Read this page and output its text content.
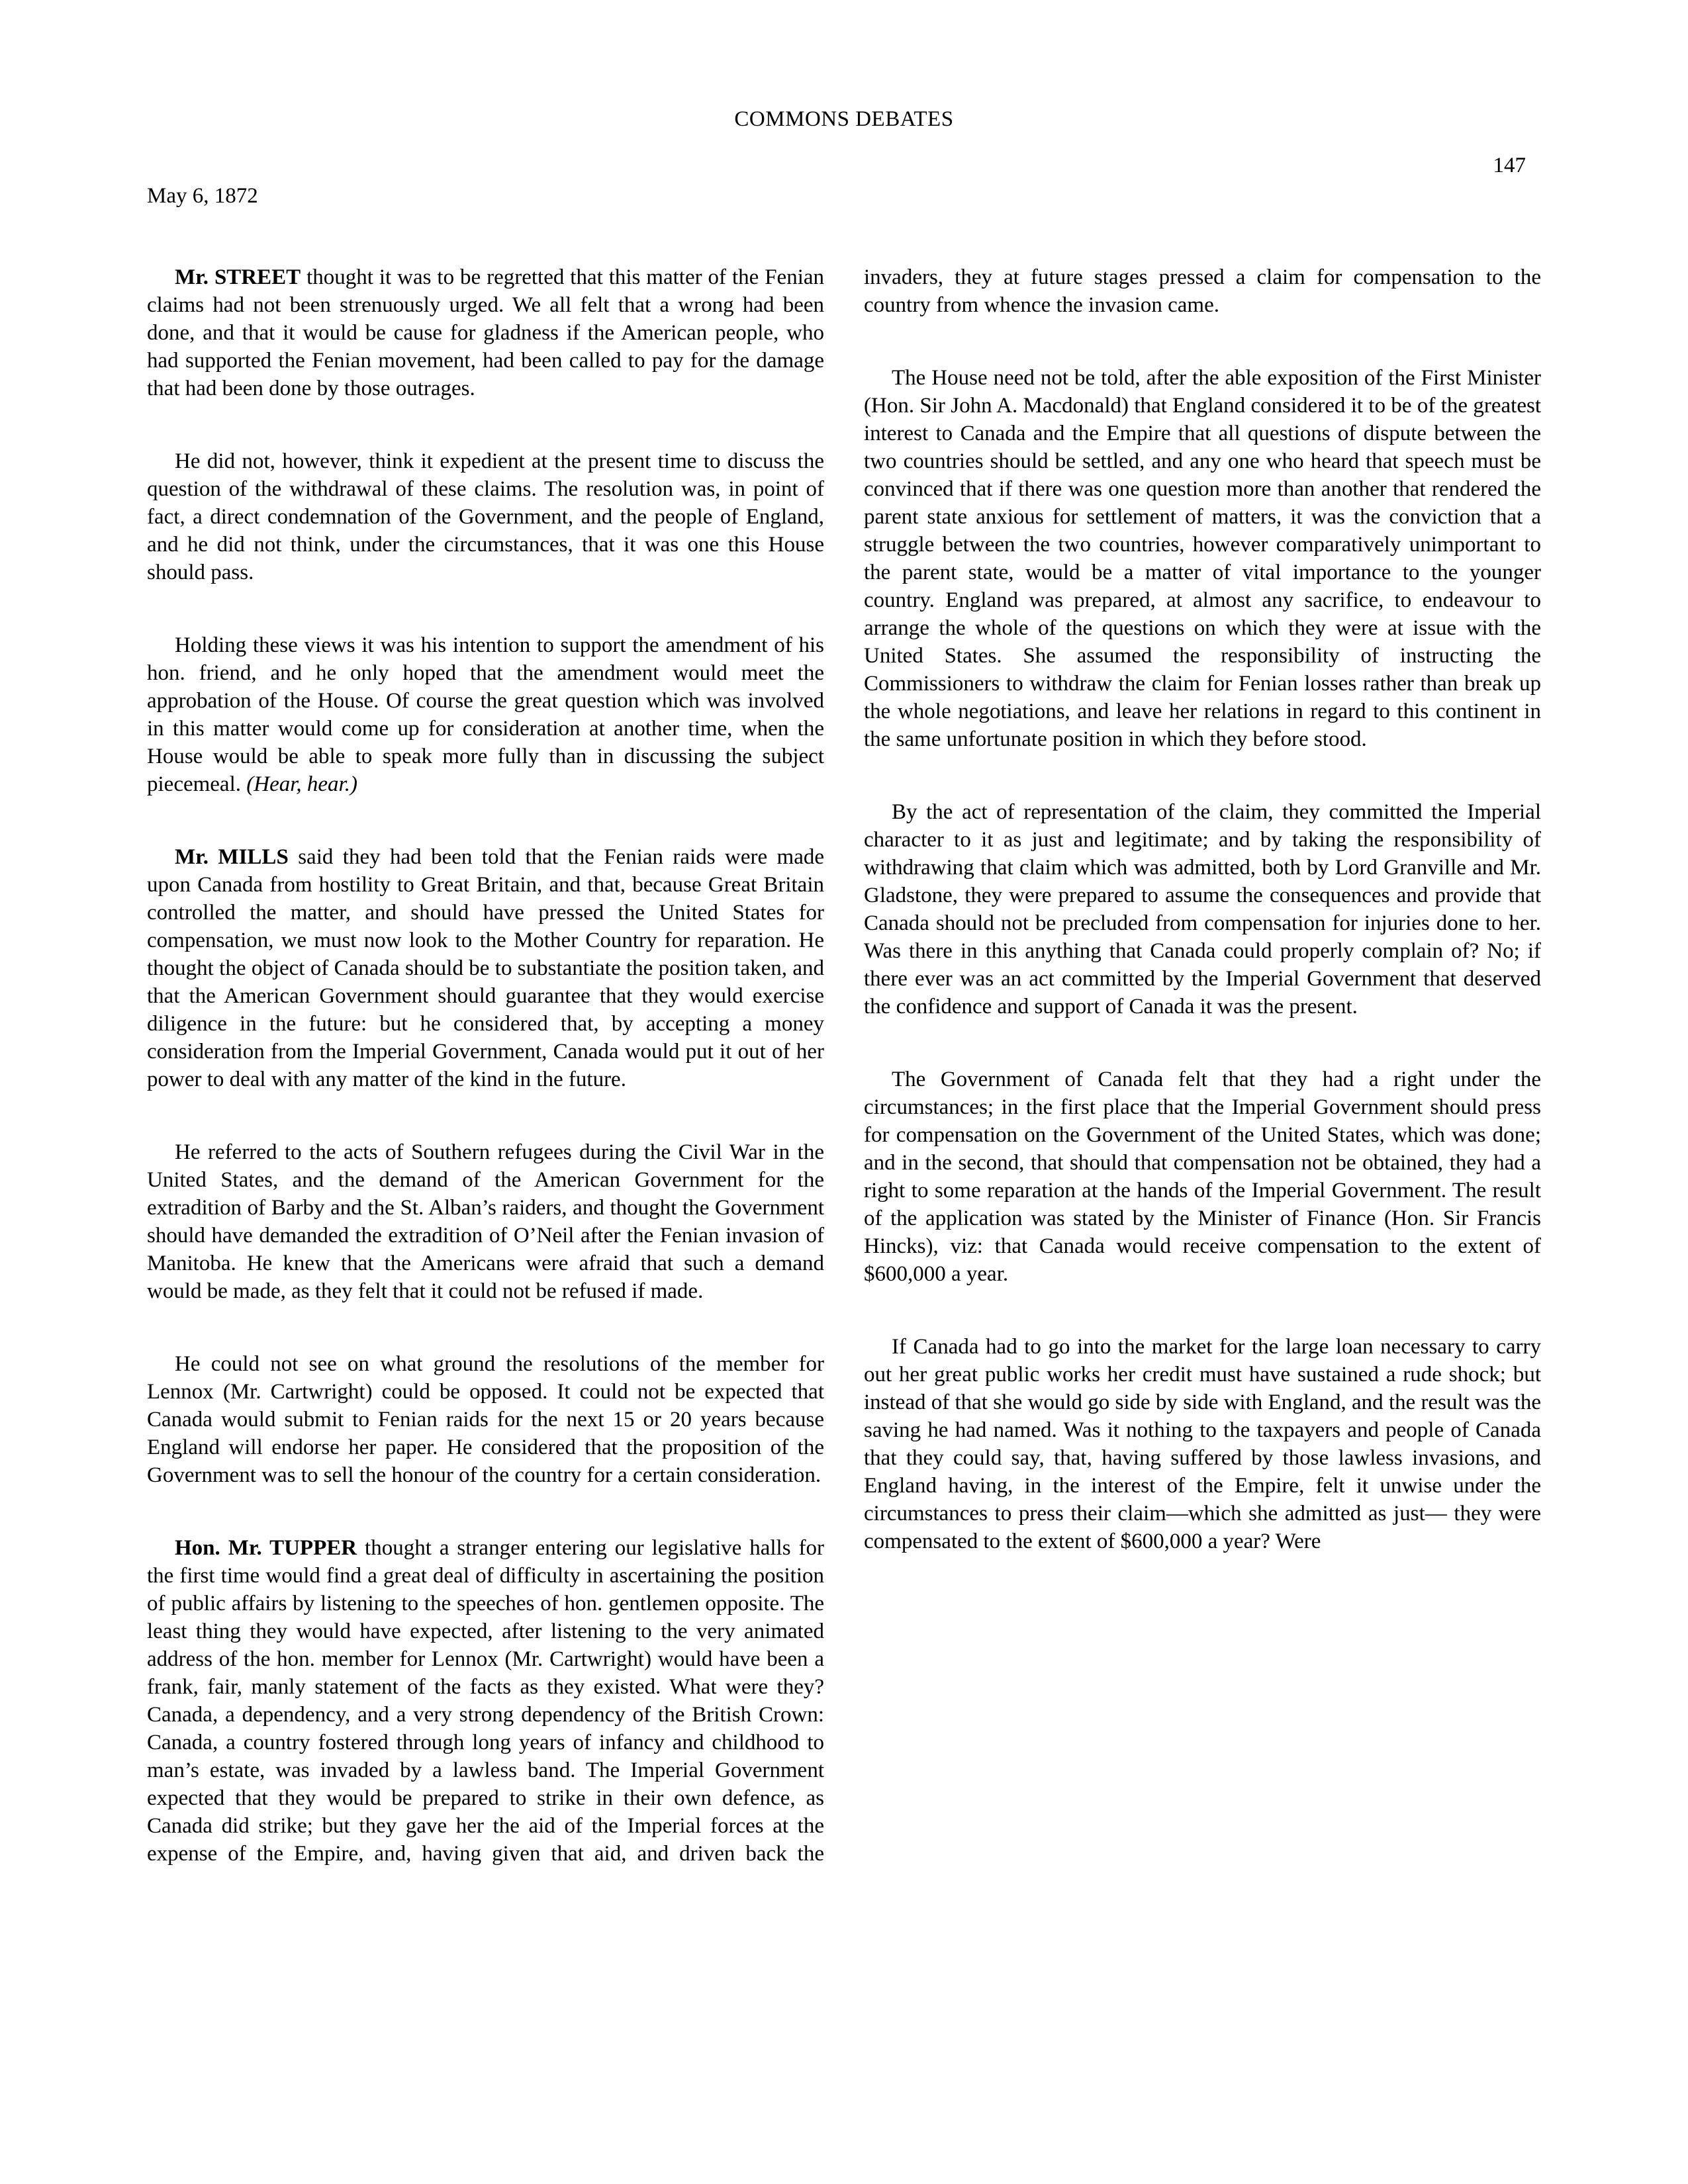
COMMONS DEBATES
147
May 6, 1872

Mr. STREET thought it was to be regretted that this matter of the Fenian claims had not been strenuously urged. We all felt that a wrong had been done, and that it would be cause for gladness if the American people, who had supported the Fenian movement, had been called to pay for the damage that had been done by those outrages.

He did not, however, think it expedient at the present time to discuss the question of the withdrawal of these claims. The resolution was, in point of fact, a direct condemnation of the Government, and the people of England, and he did not think, under the circumstances, that it was one this House should pass.

Holding these views it was his intention to support the amendment of his hon. friend, and he only hoped that the amendment would meet the approbation of the House. Of course the great question which was involved in this matter would come up for consideration at another time, when the House would be able to speak more fully than in discussing the subject piecemeal. (Hear, hear.)

Mr. MILLS said they had been told that the Fenian raids were made upon Canada from hostility to Great Britain, and that, because Great Britain controlled the matter, and should have pressed the United States for compensation, we must now look to the Mother Country for reparation. He thought the object of Canada should be to substantiate the position taken, and that the American Government should guarantee that they would exercise diligence in the future: but he considered that, by accepting a money consideration from the Imperial Government, Canada would put it out of her power to deal with any matter of the kind in the future.

He referred to the acts of Southern refugees during the Civil War in the United States, and the demand of the American Government for the extradition of Barby and the St. Alban’s raiders, and thought the Government should have demanded the extradition of O’Neil after the Fenian invasion of Manitoba. He knew that the Americans were afraid that such a demand would be made, as they felt that it could not be refused if made.

He could not see on what ground the resolutions of the member for Lennox (Mr. Cartwright) could be opposed. It could not be expected that Canada would submit to Fenian raids for the next 15 or 20 years because England will endorse her paper. He considered that the proposition of the Government was to sell the honour of the country for a certain consideration.

Hon. Mr. TUPPER thought a stranger entering our legislative halls for the first time would find a great deal of difficulty in ascertaining the position of public affairs by listening to the speeches of hon. gentlemen opposite. The least thing they would have expected, after listening to the very animated address of the hon. member for Lennox (Mr. Cartwright) would have been a frank, fair, manly statement of the facts as they existed. What were they? Canada, a dependency, and a very strong dependency of the British Crown: Canada, a country fostered through long years of infancy and childhood to man’s estate, was invaded by a lawless band. The Imperial Government expected that they would be prepared to strike in their own defence, as Canada did strike; but they gave her the aid of the Imperial forces at the expense of the Empire, and, having given that aid, and driven back the invaders, they at future stages pressed a claim for compensation to the country from whence the invasion came.

The House need not be told, after the able exposition of the First Minister (Hon. Sir John A. Macdonald) that England considered it to be of the greatest interest to Canada and the Empire that all questions of dispute between the two countries should be settled, and any one who heard that speech must be convinced that if there was one question more than another that rendered the parent state anxious for settlement of matters, it was the conviction that a struggle between the two countries, however comparatively unimportant to the parent state, would be a matter of vital importance to the younger country. England was prepared, at almost any sacrifice, to endeavour to arrange the whole of the questions on which they were at issue with the United States. She assumed the responsibility of instructing the Commissioners to withdraw the claim for Fenian losses rather than break up the whole negotiations, and leave her relations in regard to this continent in the same unfortunate position in which they before stood.

By the act of representation of the claim, they committed the Imperial character to it as just and legitimate; and by taking the responsibility of withdrawing that claim which was admitted, both by Lord Granville and Mr. Gladstone, they were prepared to assume the consequences and provide that Canada should not be precluded from compensation for injuries done to her. Was there in this anything that Canada could properly complain of? No; if there ever was an act committed by the Imperial Government that deserved the confidence and support of Canada it was the present.

The Government of Canada felt that they had a right under the circumstances; in the first place that the Imperial Government should press for compensation on the Government of the United States, which was done; and in the second, that should that compensation not be obtained, they had a right to some reparation at the hands of the Imperial Government. The result of the application was stated by the Minister of Finance (Hon. Sir Francis Hincks), viz: that Canada would receive compensation to the extent of $600,000 a year.

If Canada had to go into the market for the large loan necessary to carry out her great public works her credit must have sustained a rude shock; but instead of that she would go side by side with England, and the result was the saving he had named. Was it nothing to the taxpayers and people of Canada that they could say, that, having suffered by those lawless invasions, and England having, in the interest of the Empire, felt it unwise under the circumstances to press their claim—which she admitted as just— they were compensated to the extent of $600,000 a year? Were
